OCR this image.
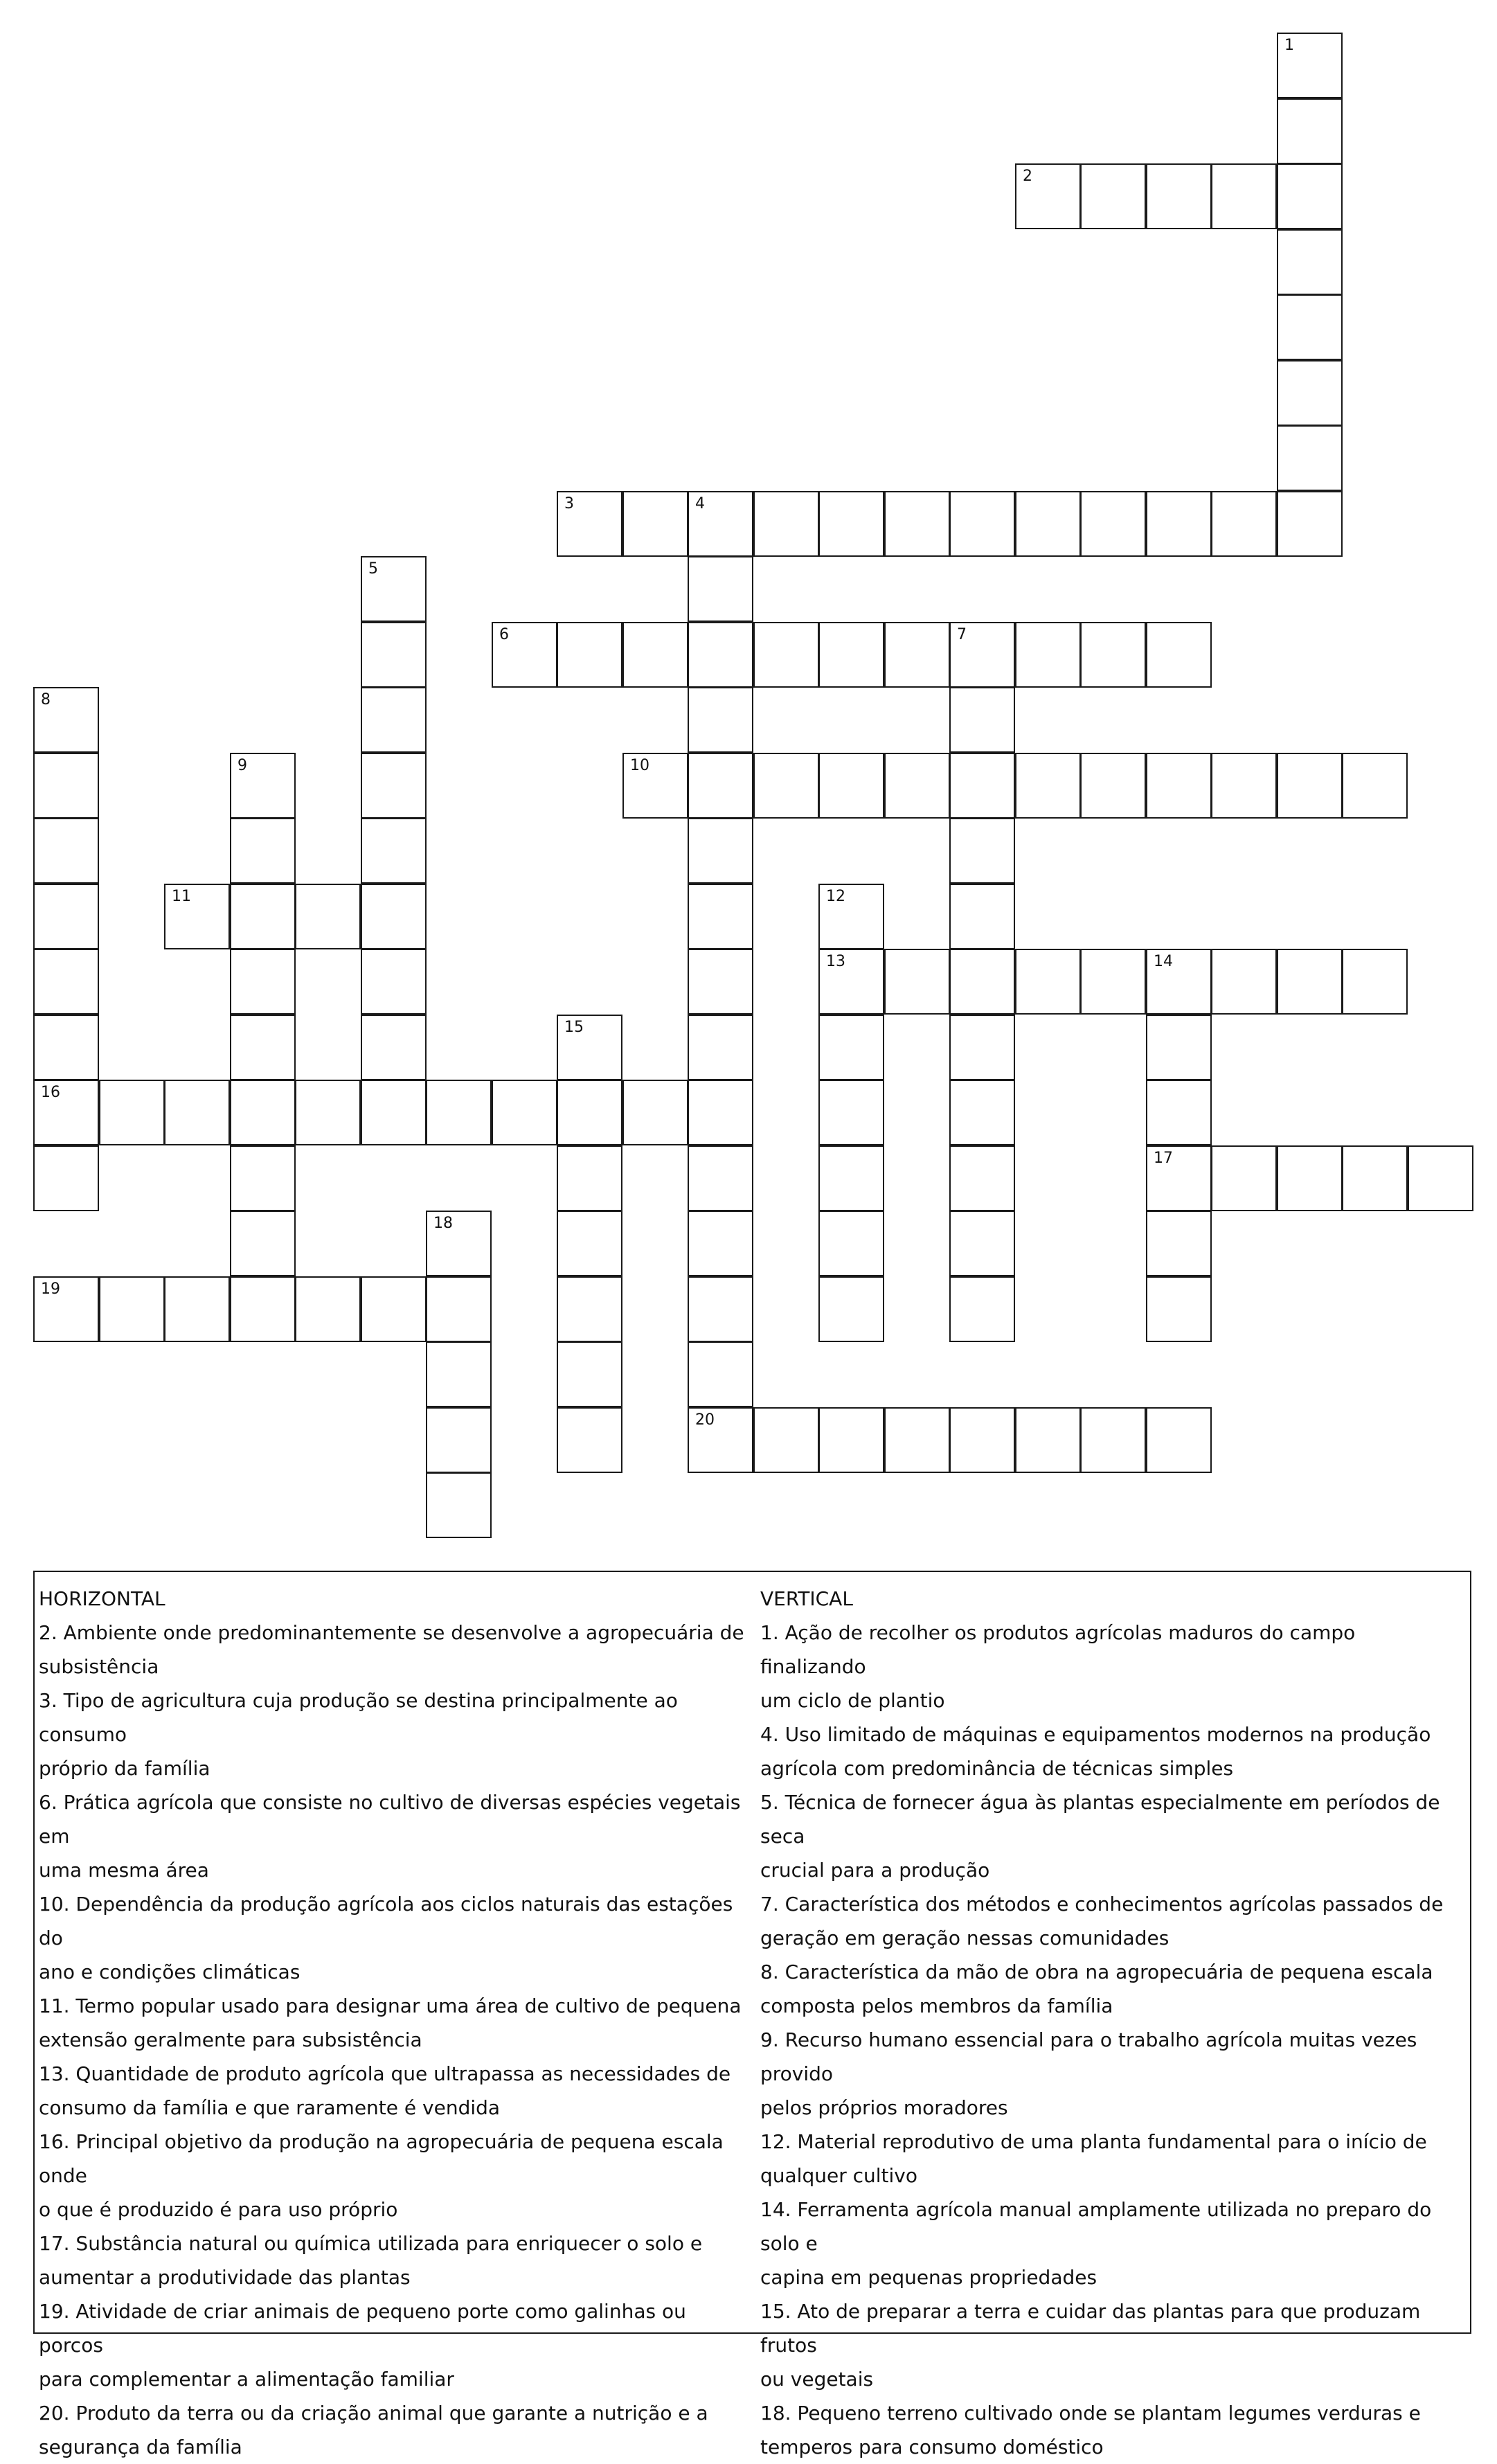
1
2
3	4
5
6	7
8
9	10
11	12
13	14
15
16
17
18
19
20
HORIZONTAL
2. Ambiente onde predominantemente se desenvolve a agropecuária de
subsistência
3. Tipo de agricultura cuja produção se destina principalmente ao consumo
próprio da família
6. Prática agrícola que consiste no cultivo de diversas espécies vegetais em
uma mesma área
10. Dependência da produção agrícola aos ciclos naturais das estações do
ano e condições climáticas
11. Termo popular usado para designar uma área de cultivo de pequena
extensão geralmente para subsistência
13. Quantidade de produto agrícola que ultrapassa as necessidades de
consumo da família e que raramente é vendida
16. Principal objetivo da produção na agropecuária de pequena escala onde
o que é produzido é para uso próprio
17. Substância natural ou química utilizada para enriquecer o solo e
aumentar a produtividade das plantas
19. Atividade de criar animais de pequeno porte como galinhas ou porcos
para complementar a alimentação familiar
20. Produto da terra ou da criação animal que garante a nutrição e a
segurança da família
VERTICAL
1. Ação de recolher os produtos agrícolas maduros do campo finalizando
um ciclo de plantio
4. Uso limitado de máquinas e equipamentos modernos na produção
agrícola com predominância de técnicas simples
5. Técnica de fornecer água às plantas especialmente em períodos de seca
crucial para a produção
7. Característica dos métodos e conhecimentos agrícolas passados de
geração em geração nessas comunidades
8. Característica da mão de obra na agropecuária de pequena escala
composta pelos membros da família
9. Recurso humano essencial para o trabalho agrícola muitas vezes provido
pelos próprios moradores
12. Material reprodutivo de uma planta fundamental para o início de
qualquer cultivo
14. Ferramenta agrícola manual amplamente utilizada no preparo do solo e
capina em pequenas propriedades
15. Ato de preparar a terra e cuidar das plantas para que produzam frutos
ou vegetais
18. Pequeno terreno cultivado onde se plantam legumes verduras e
temperos para consumo doméstico
